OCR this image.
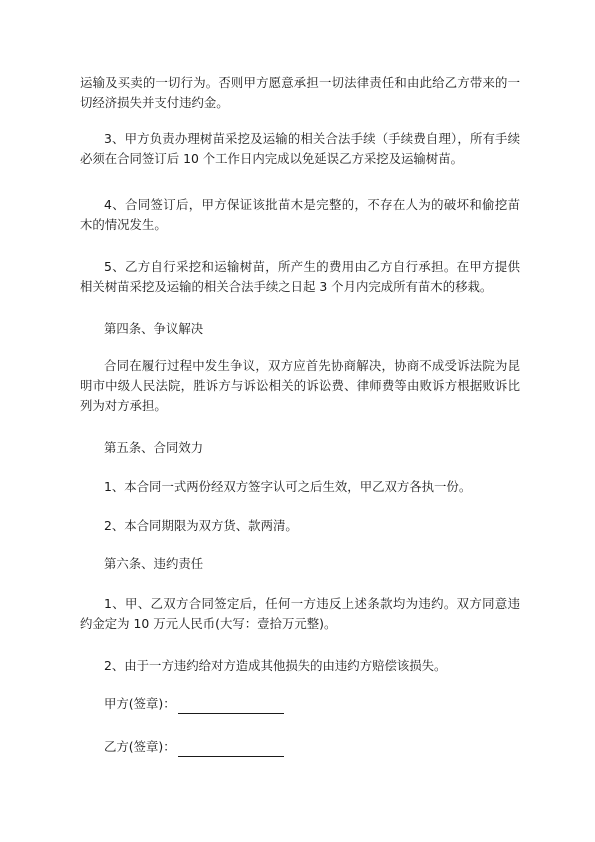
运输及买卖的一切行为。否则甲方愿意承担一切法律责任和由此给乙方带来的一切经济损失并支付违约金。

3、甲方负责办理树苗采挖及运输的相关合法手续（手续费自理），所有手续必须在合同签订后 10 个工作日内完成以免延误乙方采挖及运输树苗。

4、合同签订后，甲方保证该批苗木是完整的，不存在人为的破坏和偷挖苗木的情况发生。

5、乙方自行采挖和运输树苗，所产生的费用由乙方自行承担。在甲方提供相关树苗采挖及运输的相关合法手续之日起 3 个月内完成所有苗木的移栽。

第四条、争议解决

合同在履行过程中发生争议，双方应首先协商解决，协商不成受诉法院为昆明市中级人民法院，胜诉方与诉讼相关的诉讼费、律师费等由败诉方根据败诉比列为对方承担。

第五条、合同效力

1、本合同一式两份经双方签字认可之后生效，甲乙双方各执一份。

2、本合同期限为双方货、款两清。

第六条、违约责任

1、甲、乙双方合同签定后，任何一方违反上述条款均为违约。双方同意违约金定为 10 万元人民币(大写：壹拾万元整)。

2、由于一方违约给对方造成其他损失的由违约方赔偿该损失。

甲方(签章)：
乙方(签章)：
